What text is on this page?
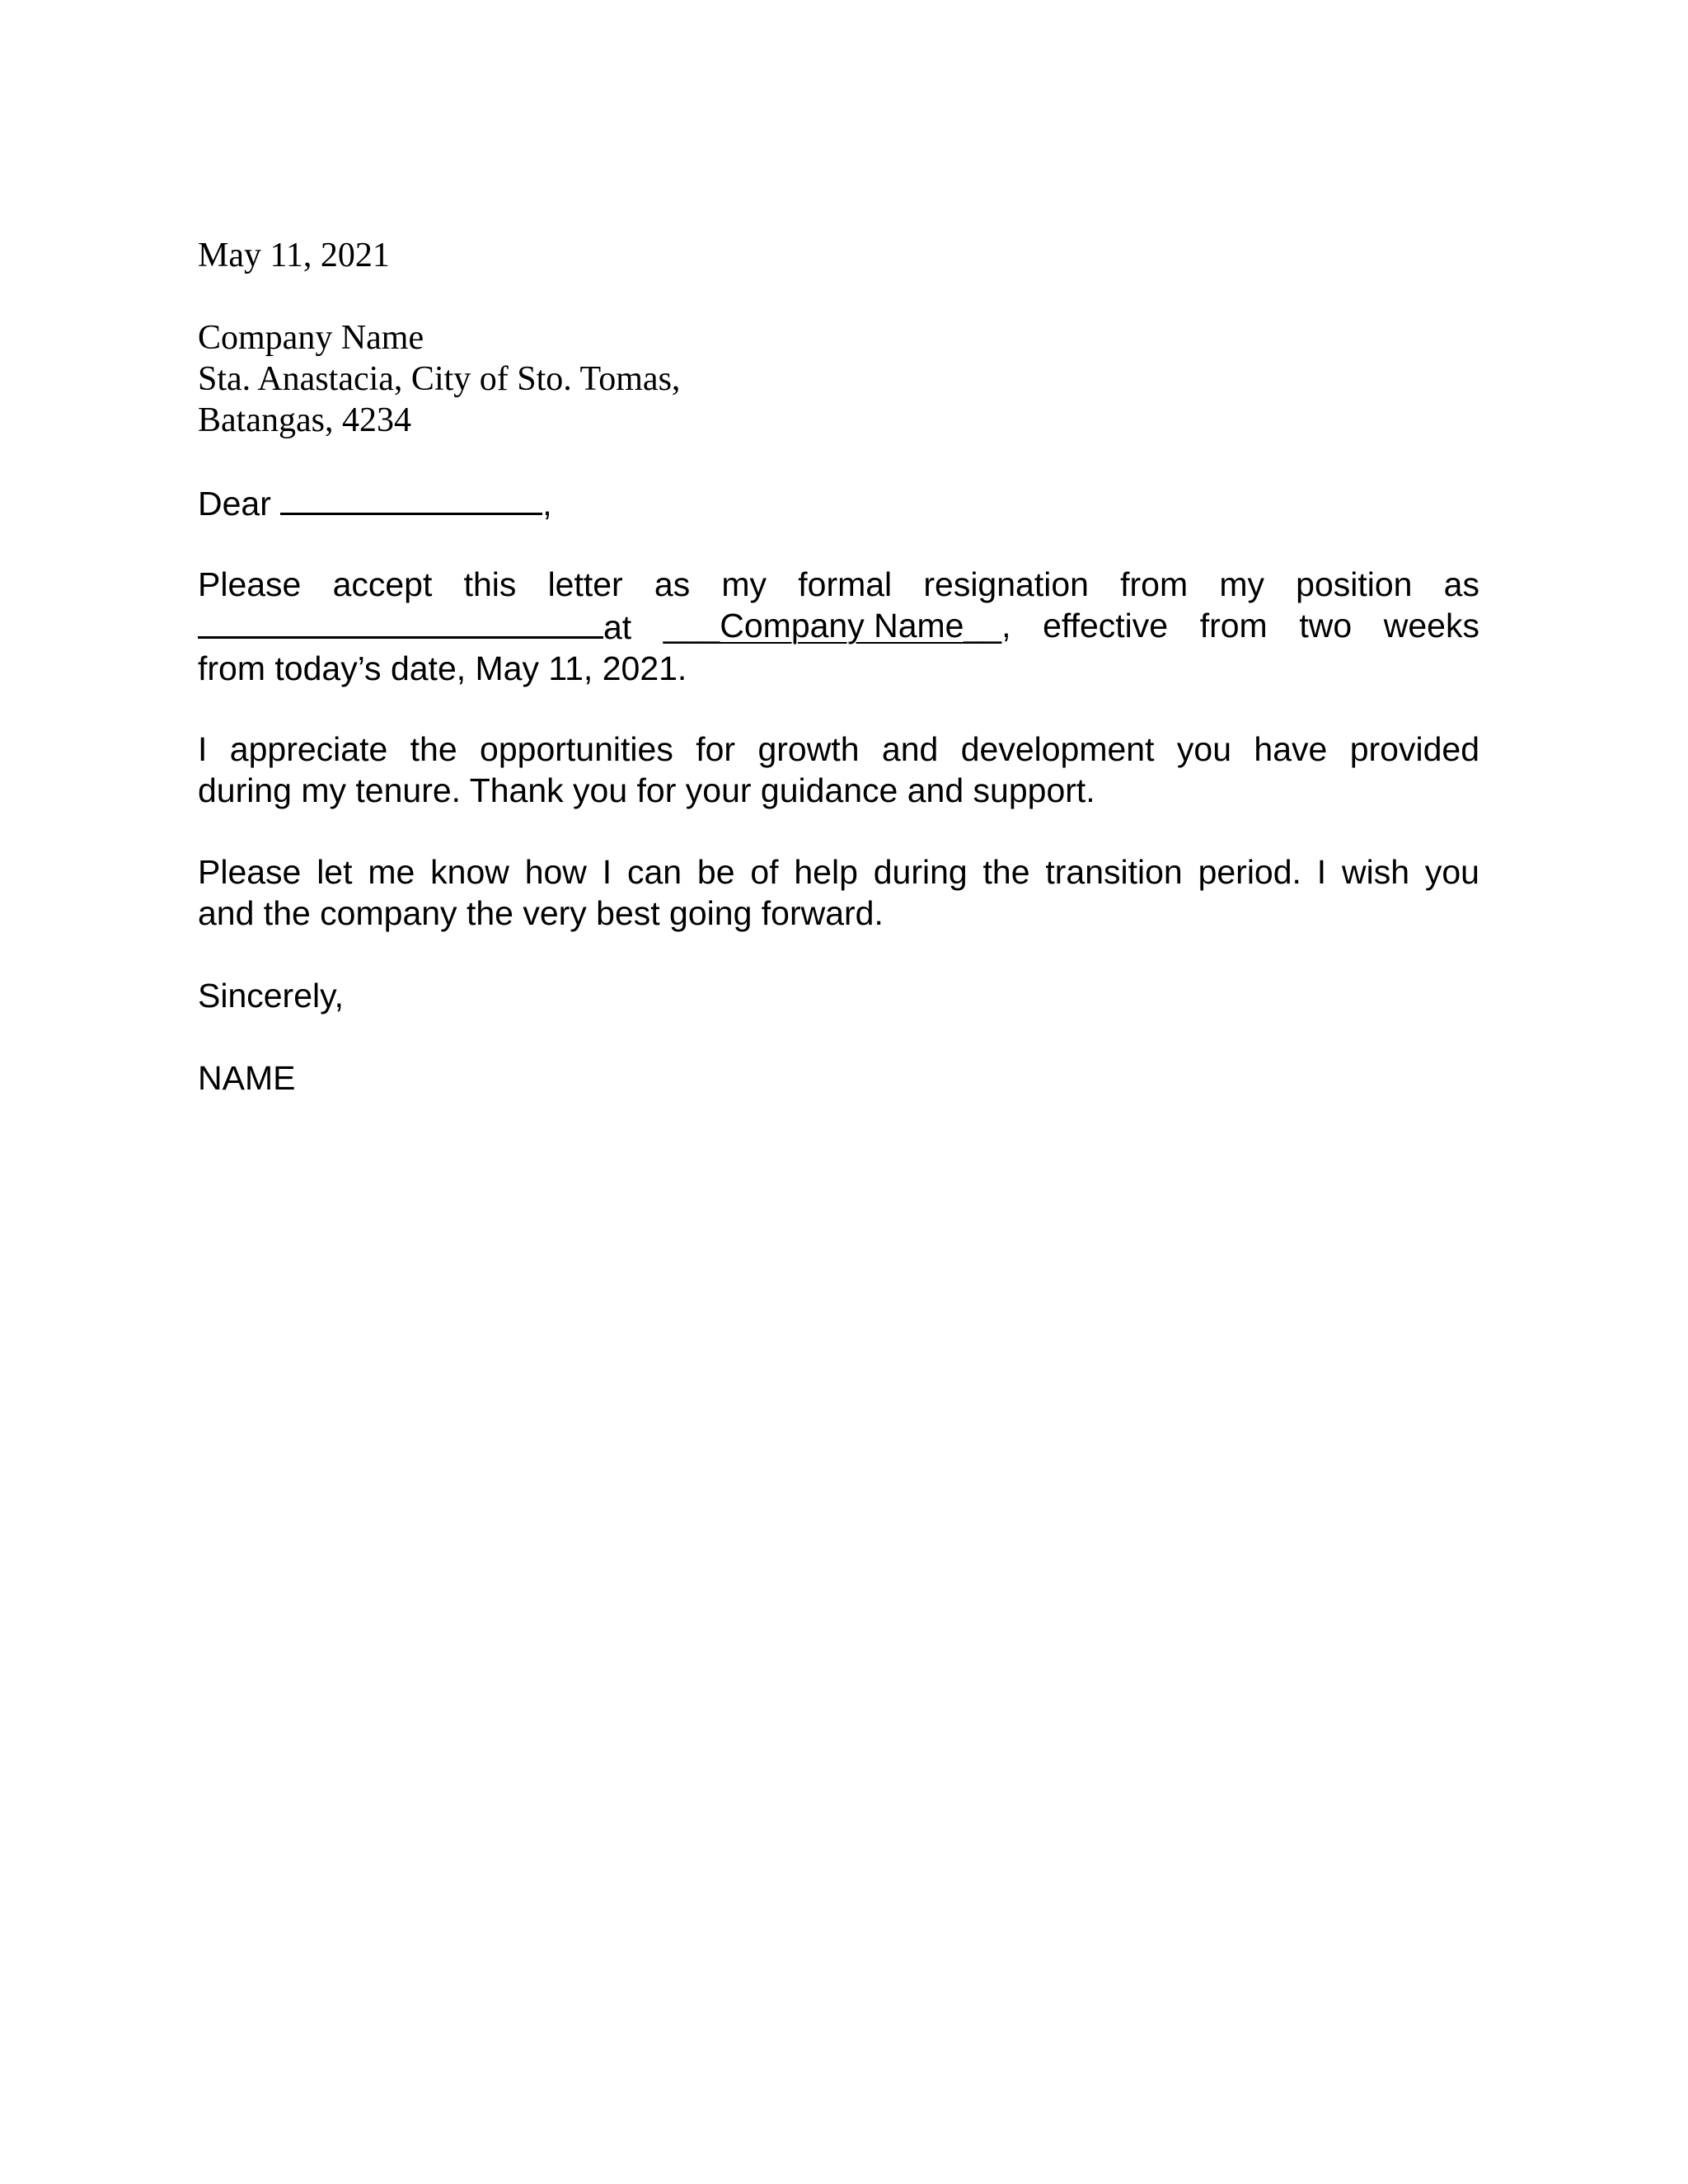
May 11, 2021
Company Name
Sta. Anastacia, City of Sto. Tomas,
Batangas, 4234
Dear	,
Please accept this letter as my formal resignation from my position as
at ___Company Name__, effective from two weeks
from today’s date, May 11, 2021.
I appreciate the opportunities for growth and development you have provided
during my tenure. Thank you for your guidance and support.
Please let me know how I can be of help during the transition period. I wish you
and the company the very best going forward.
Sincerely,
NAME
